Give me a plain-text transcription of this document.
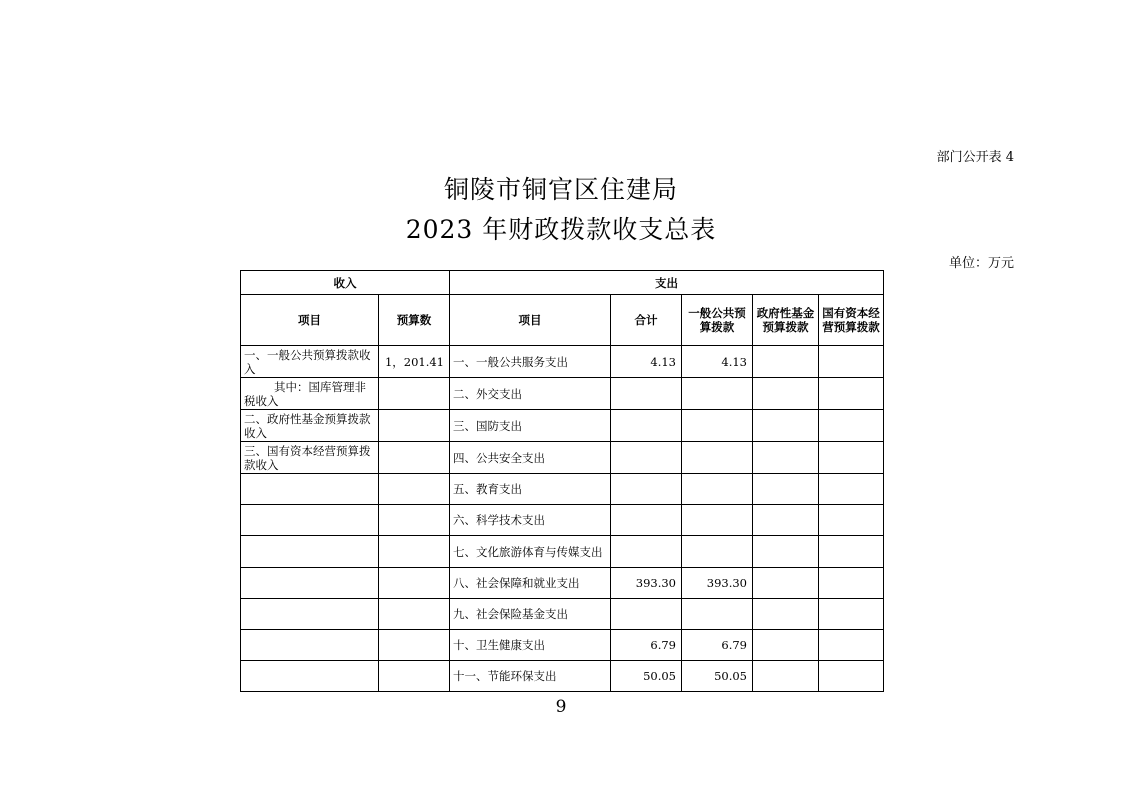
部门公开表 4
铜陵市铜官区住建局
2023 年财政拨款收支总表
单位：万元
收入		支出				
项目	预算数	项目	合计	一般公共预算拨款	政府性基金预算拨款	国有资本经营预算拨款
一、一般公共预算拨款收入	1，201.41	一、一般公共服务支出	4.13	4.13		
其中：国库管理非税收入		二、外交支出				
二、政府性基金预算拨款收入		三、国防支出				
三、国有资本经营预算拨款收入		四、公共安全支出				
		五、教育支出				
		六、科学技术支出				
		七、文化旅游体育与传媒支出				
		八、社会保障和就业支出	393.30	393.30		
		九、社会保险基金支出				
		十、卫生健康支出	6.79	6.79		
		十一、节能环保支出	50.05	50.05		
9
